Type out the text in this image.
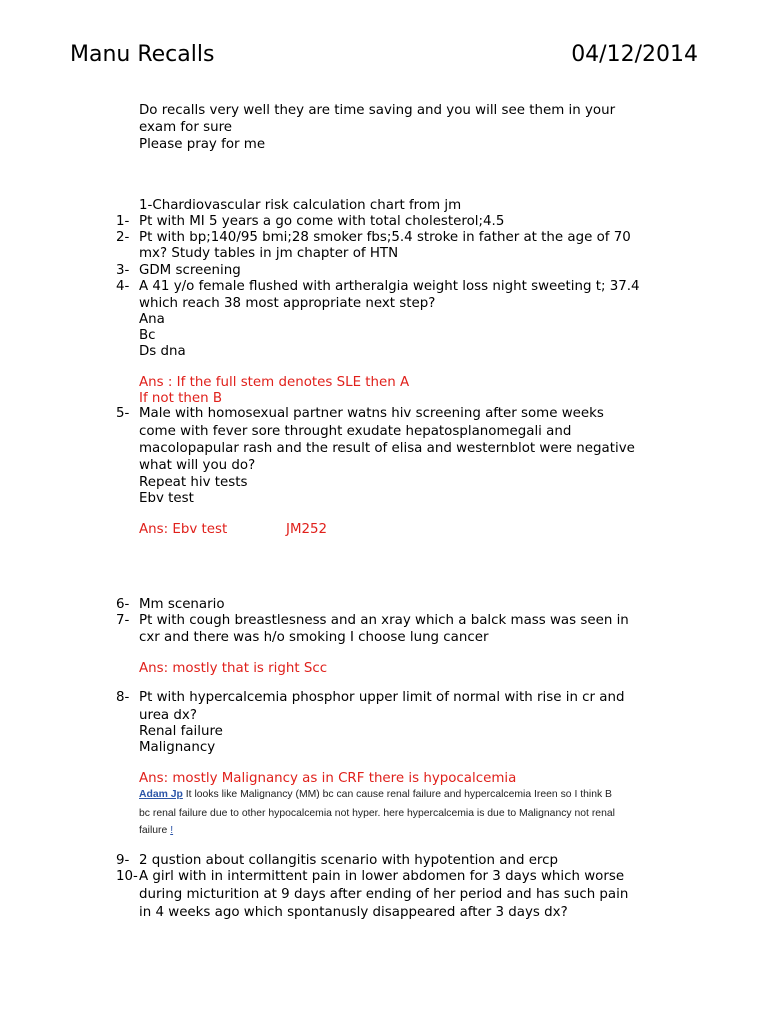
Manu Recalls	04/12/2014
Do recalls very well they are time saving and you will see them in your
exam for sure
Please pray for me
1-Chardiovascular risk calculation chart from jm
1- Pt with MI 5 years a go come with total cholesterol;4.5
2- Pt with bp;140/95 bmi;28 smoker fbs;5.4 stroke in father at the age of 70
mx? Study tables in jm chapter of HTN
3- GDM screening
4- A 41 y/o female flushed with artheralgia weight loss night sweeting t; 37.4
which reach 38 most appropriate next step?
Ana
Bc
Ds dna
Ans : If the full stem denotes SLE then A
If not then B
5- Male with homosexual partner watns hiv screening after some weeks
come with fever sore throught exudate hepatosplanomegali and
macolopapular rash and the result of elisa and westernblot were negative
what will you do?
Repeat hiv tests
Ebv test
Ans: Ebv test	JM252
6- Mm scenario
7- Pt with cough breastlesness and an xray which a balck mass was seen in
cxr and there was h/o smoking I choose lung cancer
Ans: mostly that is right Scc
8- Pt with hypercalcemia phosphor upper limit of normal with rise in cr and
urea dx?
Renal failure
Malignancy
Ans: mostly Malignancy as in CRF there is hypocalcemia
Adam Jp It looks like Malignancy (MM) bc can cause renal failure and hypercalcemia Ireen so I think B
bc renal failure due to other hypocalcemia not hyper. here hypercalcemia is due to Malignancy not renal
failure !
9- 2 qustion about collangitis scenario with hypotention and ercp
10- A girl with in intermittent pain in lower abdomen for 3 days which worse
during micturition at 9 days after ending of her period and has such pain
in 4 weeks ago which spontanusly disappeared after 3 days dx?
